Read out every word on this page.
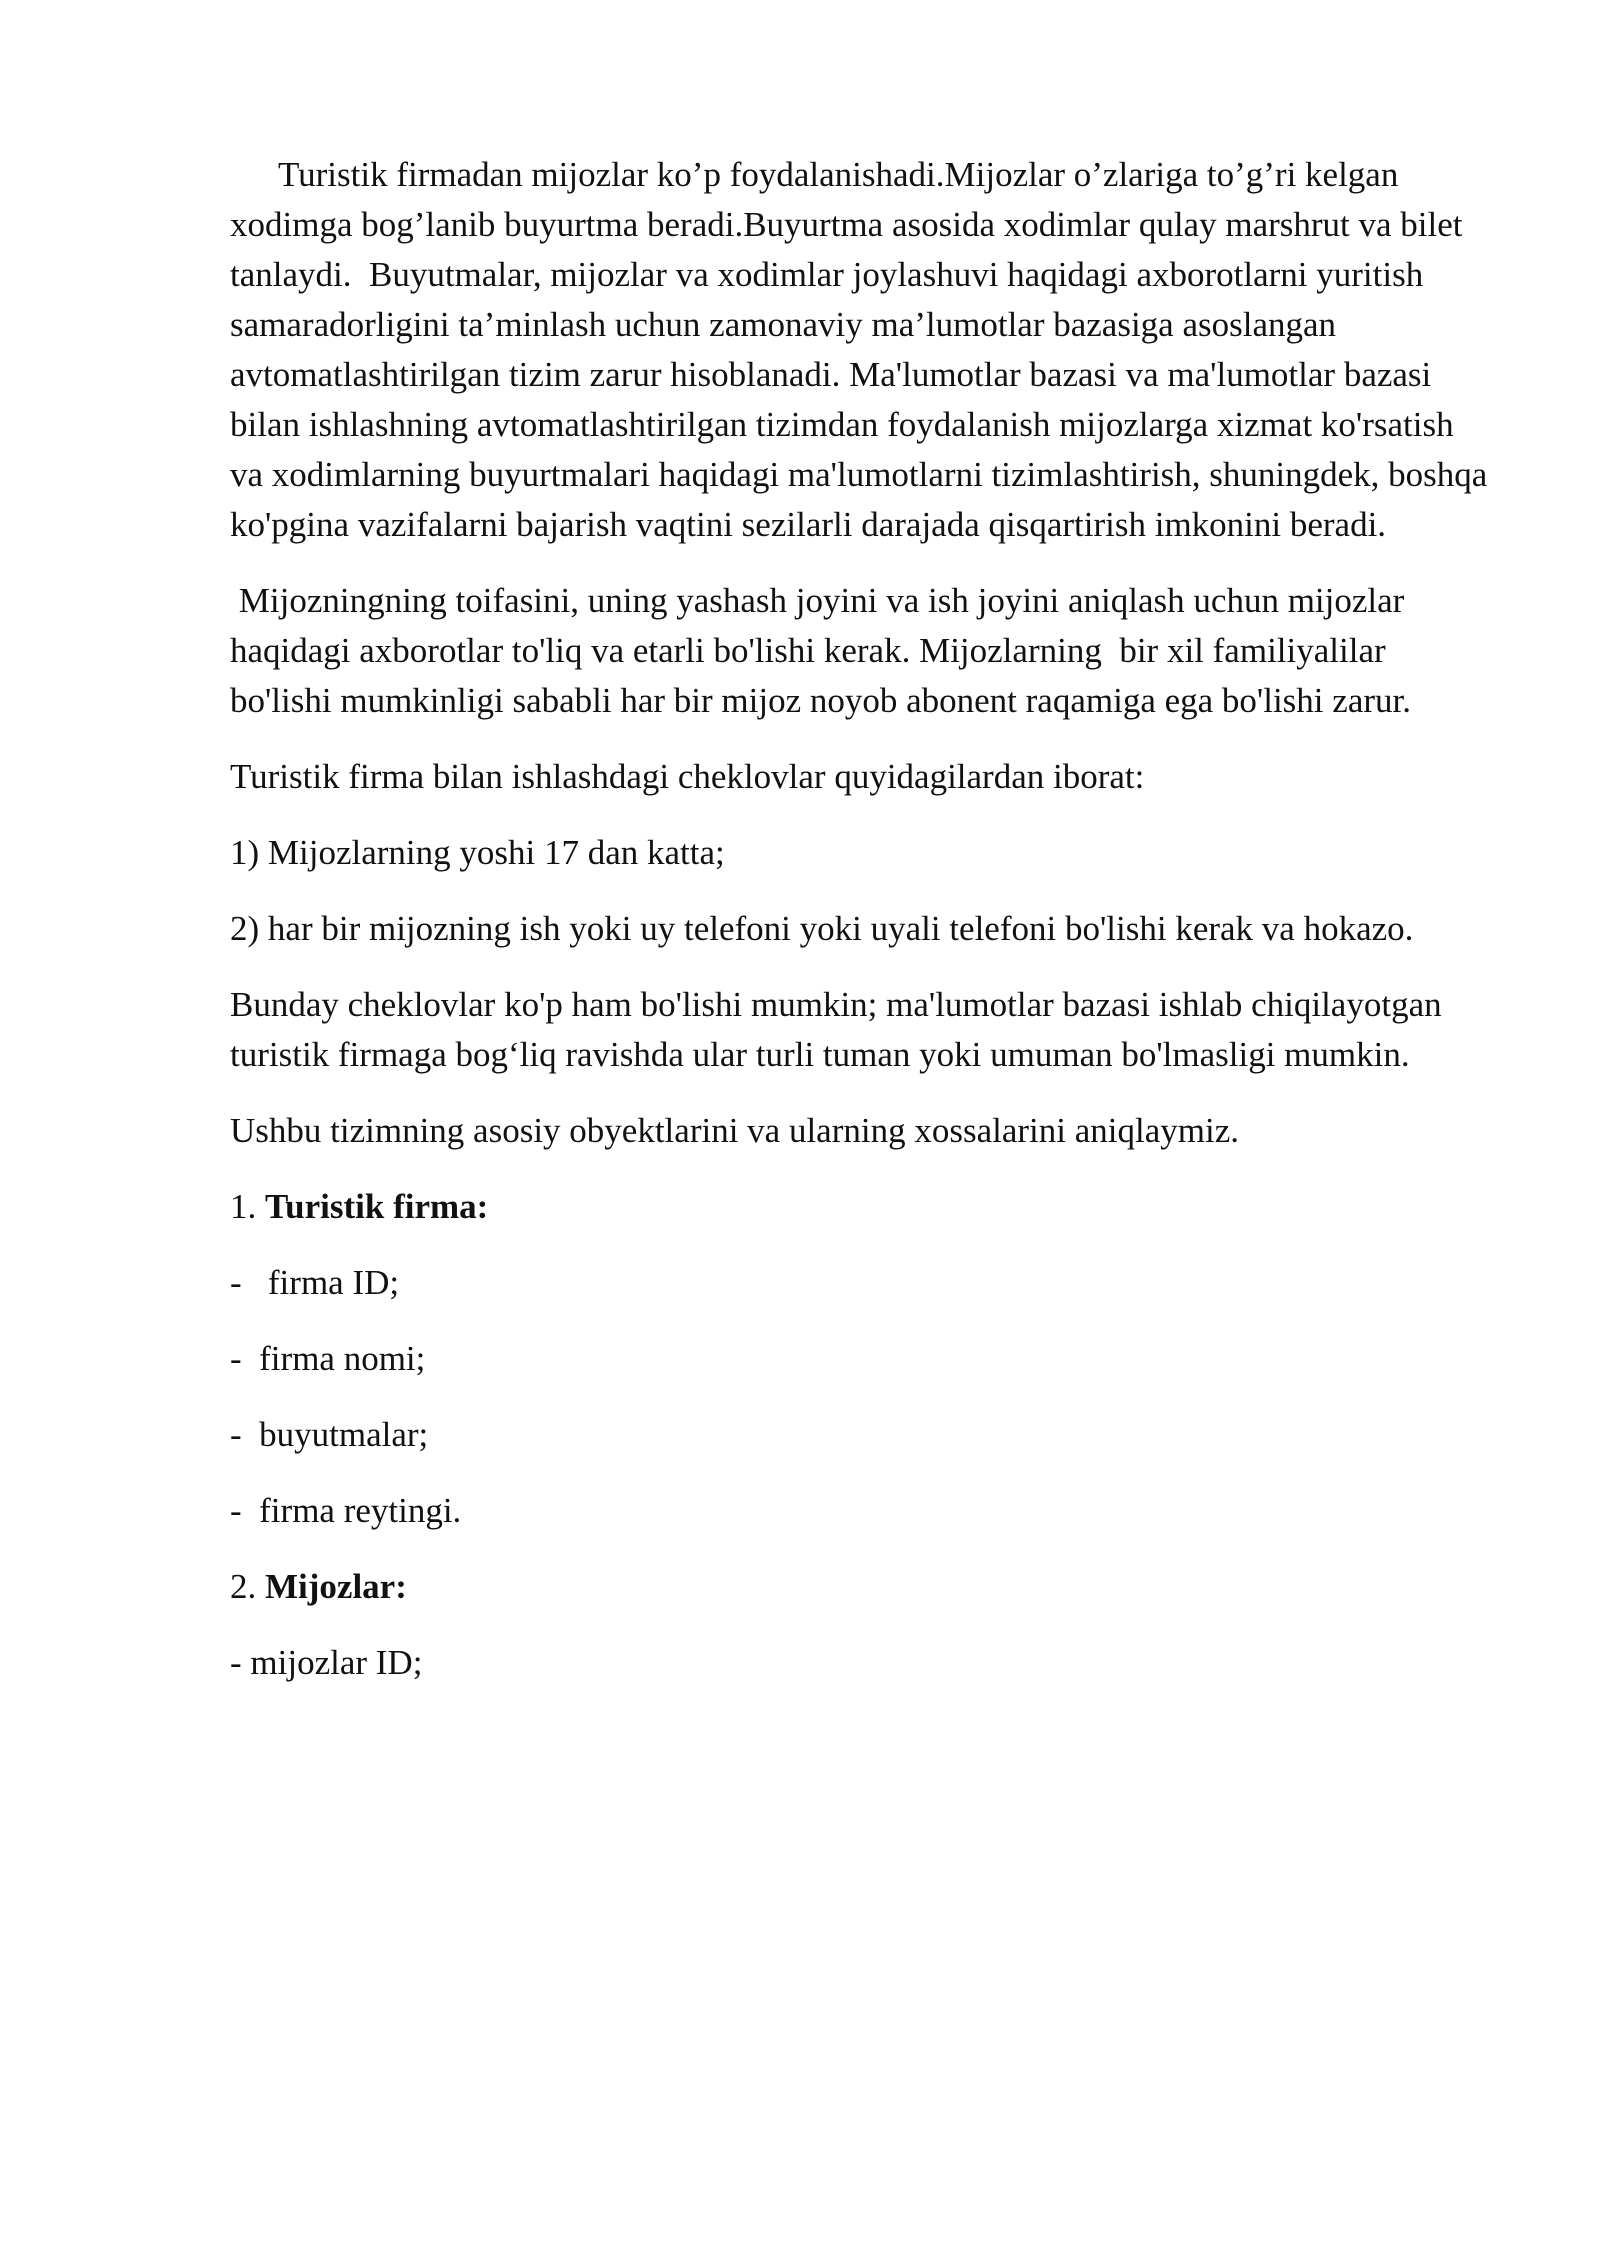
Turistik firmadan mijozlar ko’p foydalanishadi.Mijozlar o’zlariga to’g’ri kelgan xodimga bog’lanib buyurtma beradi.Buyurtma asosida xodimlar qulay marshrut va bilet tanlaydi.  Buyutmalar, mijozlar va xodimlar joylashuvi haqidagi axborotlarni yuritish samaradorligini ta’minlash uchun zamonaviy ma’lumotlar bazasiga asoslangan avtomatlashtirilgan tizim zarur hisoblanadi. Ma'lumotlar bazasi va ma'lumotlar bazasi bilan ishlashning avtomatlashtirilgan tizimdan foydalanish mijozlarga xizmat ko'rsatish va xodimlarning buyurtmalari haqidagi ma'lumotlarni tizimlashtirish, shuningdek, boshqa ko'pgina vazifalarni bajarish vaqtini sezilarli darajada qisqartirish imkonini beradi.

Mijozningning toifasini, uning yashash joyini va ish joyini aniqlash uchun mijozlar haqidagi axborotlar to'liq va etarli bo'lishi kerak. Mijozlarning  bir xil familiyalilar bo'lishi mumkinligi sababli har bir mijoz noyob abonent raqamiga ega bo'lishi zarur.

Turistik firma bilan ishlashdagi cheklovlar quyidagilardan iborat:

1) Mijozlarning yoshi 17 dan katta;

2) har bir mijozning ish yoki uy telefoni yoki uyali telefoni bo'lishi kerak va hokazo.

Bunday cheklovlar ko'p ham bo'lishi mumkin; ma'lumotlar bazasi ishlab chiqilayotgan turistik firmaga bog‘liq ravishda ular turli tuman yoki umuman bo'lmasligi mumkin.

Ushbu tizimning asosiy obyektlarini va ularning xossalarini aniqlaymiz.

1. Turistik firma:

-   firma ID;

-  firma nomi;

-  buyutmalar;

-  firma reytingi.

2. Mijozlar:

- mijozlar ID;
